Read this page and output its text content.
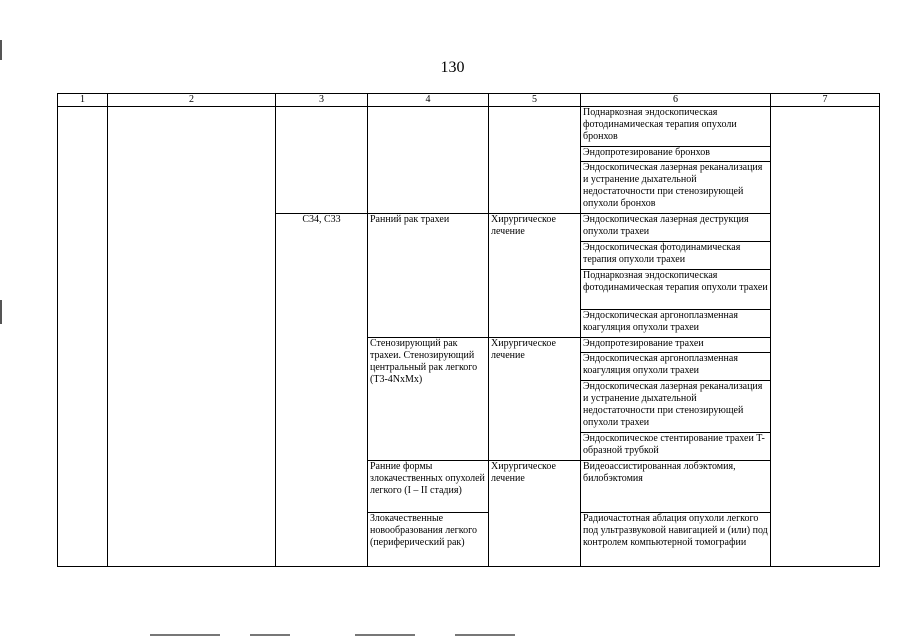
130
1	2	3	4	5	6	7
					Поднаркозная эндоскопическая фотодинамическая терапия опухоли бронхов	
					Эндопротезирование бронхов	
					Эндоскопическая лазерная реканализация и устранение дыхательной недостаточности при стенозирующей опухоли бронхов	
		С34, С33	Ранний рак трахеи	Хирургическое лечение	Эндоскопическая лазерная деструкция опухоли трахеи	
					Эндоскопическая фотодинамическая терапия опухоли трахеи	
					Поднаркозная эндоскопическая фотодинамическая терапия опухоли трахеи	
					Эндоскопическая аргоноплазменная коагуляция опухоли трахеи	
			Стенозирующий рак трахеи. Стенозирующий центральный рак легкого (T3-4NxMx)	Хирургическое лечение	Эндопротезирование трахеи	
					Эндоскопическая аргоноплазменная коагуляция опухоли трахеи	
					Эндоскопическая лазерная реканализация и устранение дыхательной недостаточности при стенозирующей опухоли трахеи	
					Эндоскопическое стентирование трахеи T-образной трубкой	
			Ранние формы злокачественных опухолей легкого (I – II стадия)	Хирургическое лечение	Видеоассистированная лобэктомия, билобэктомия	
			Злокачественные новообразования легкого (периферический рак)		Радиочастотная аблация опухоли легкого под ультразвуковой навигацией и (или) под контролем компьютерной томографии	
